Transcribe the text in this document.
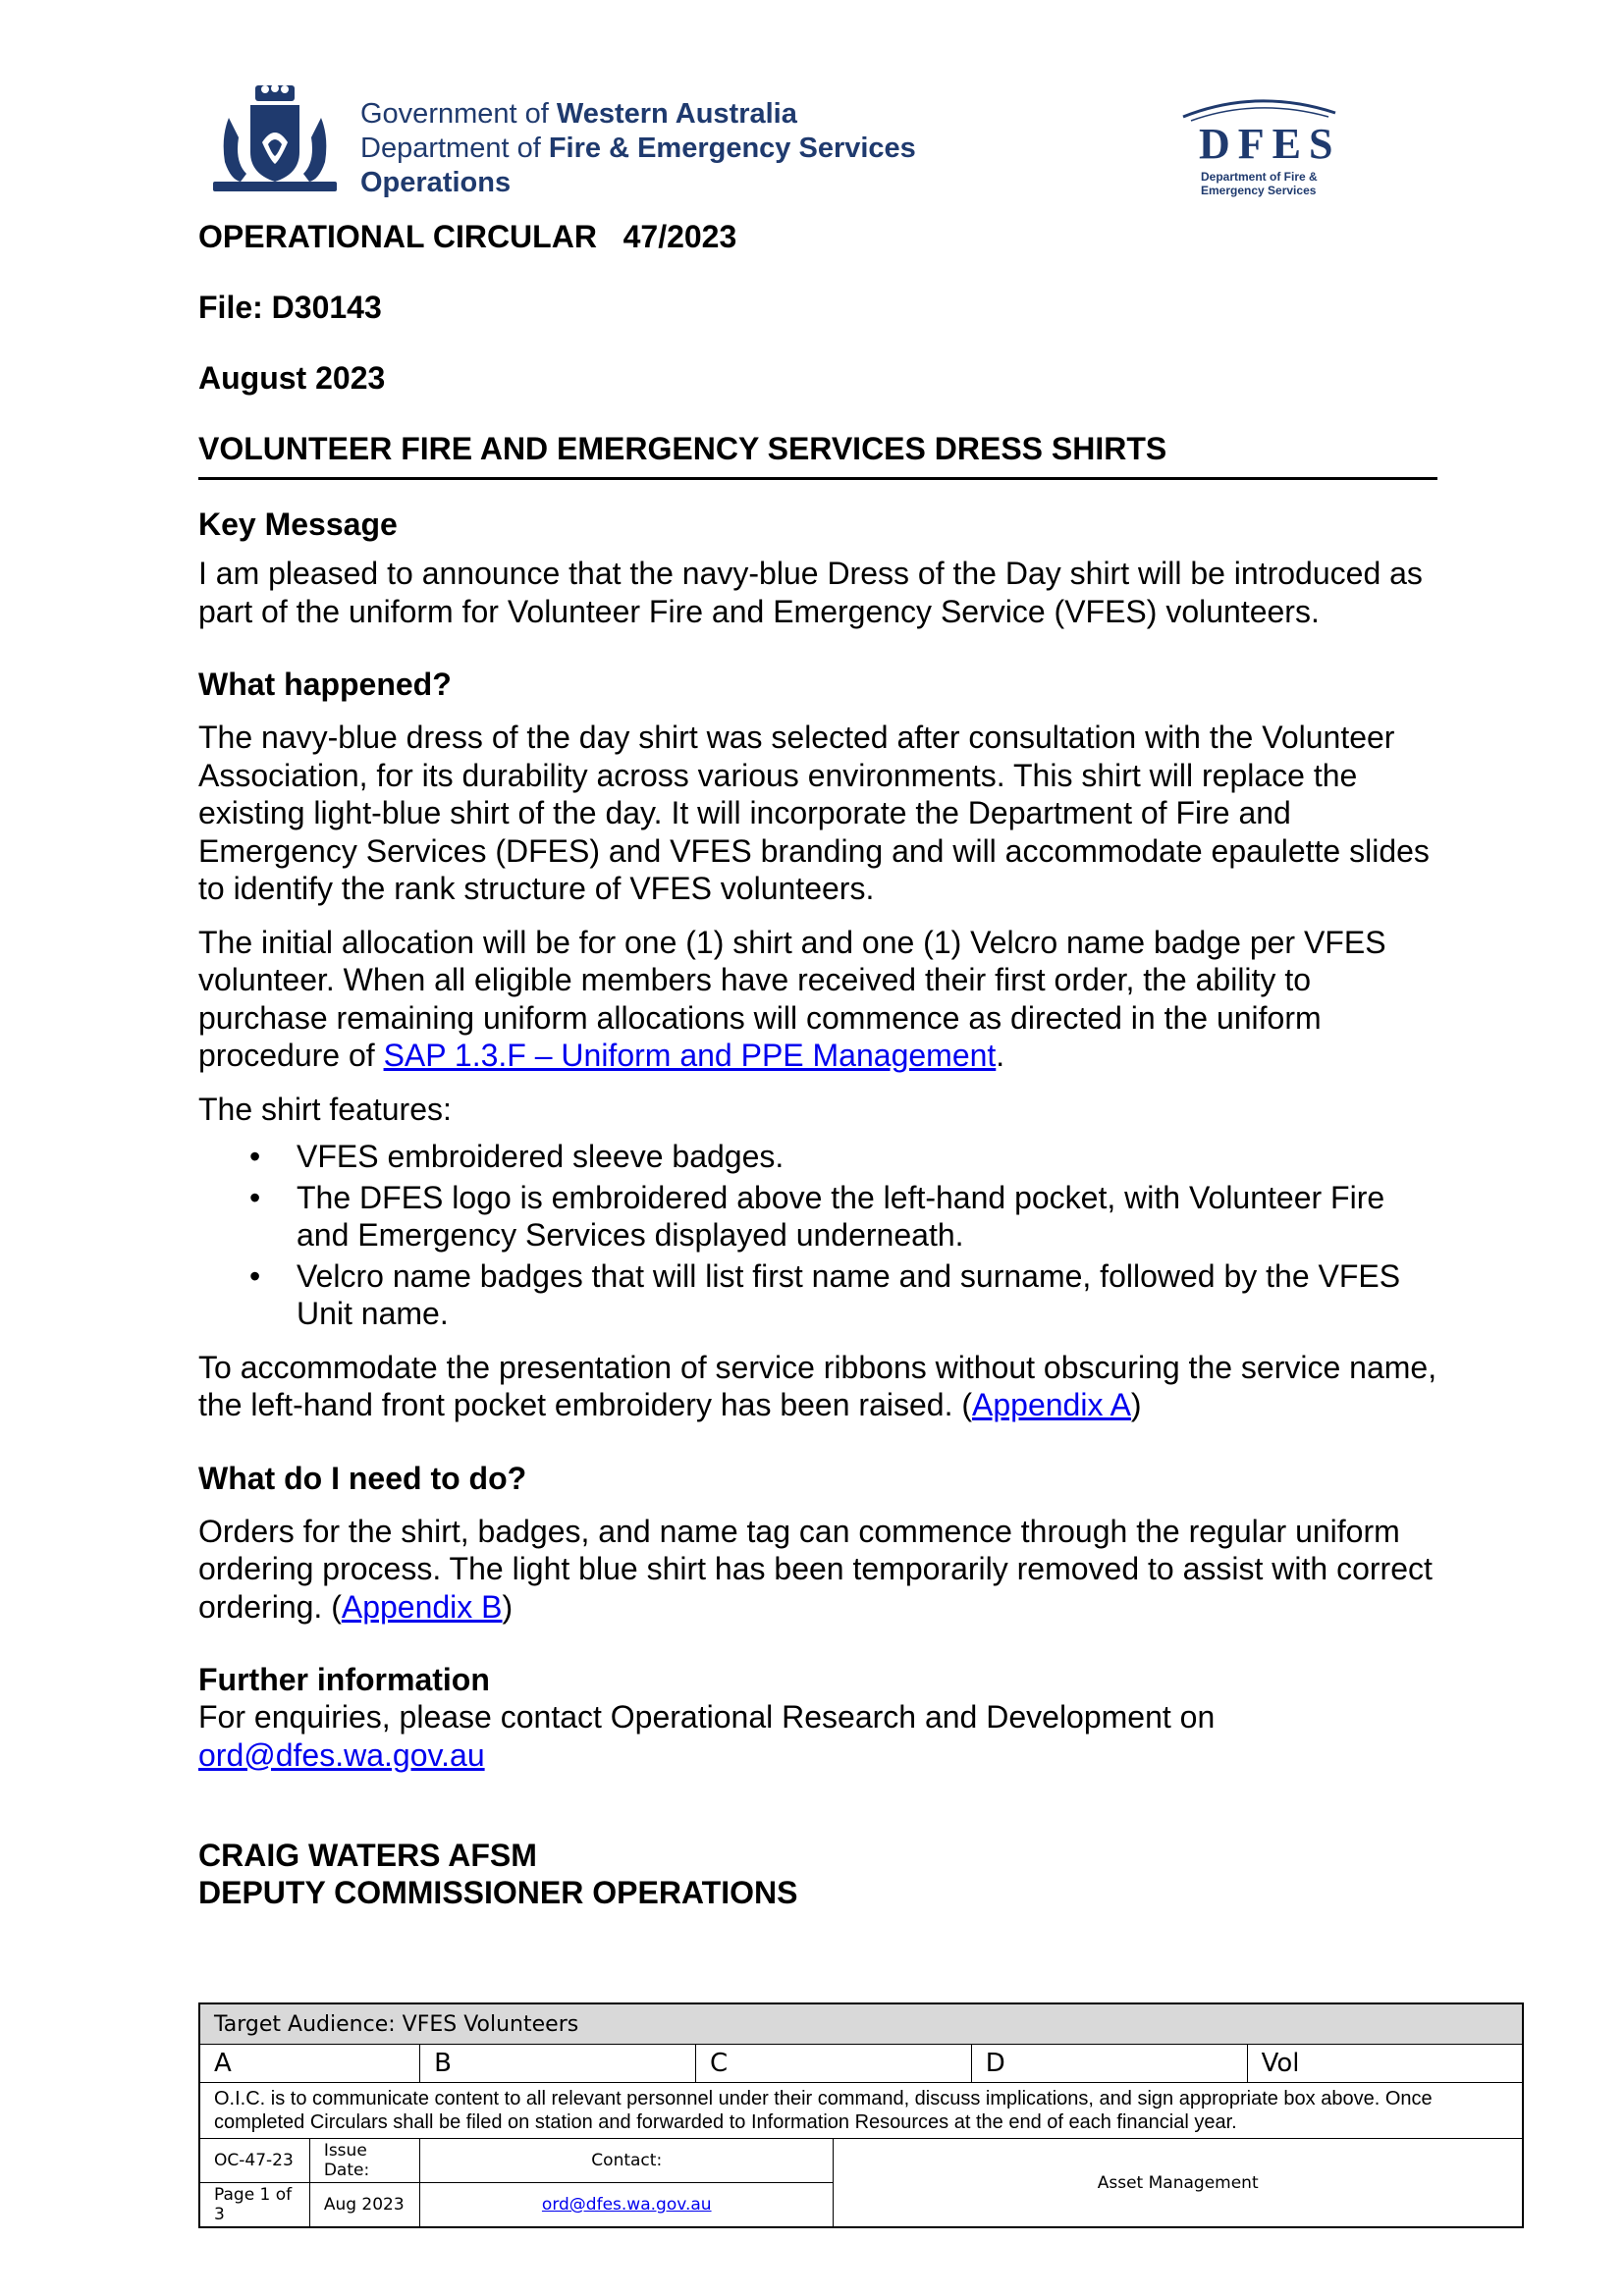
Government of Western Australia
Department of Fire & Emergency Services
Operations
DFES
Department of Fire &
Emergency Services
OPERATIONAL CIRCULAR   47/2023
File: D30143
August 2023
VOLUNTEER FIRE AND EMERGENCY SERVICES DRESS SHIRTS
Key Message

I am pleased to announce that the navy-blue Dress of the Day shirt will be introduced as part of the uniform for Volunteer Fire and Emergency Service (VFES) volunteers.

What happened?

The navy-blue dress of the day shirt was selected after consultation with the Volunteer Association, for its durability across various environments. This shirt will replace the existing light-blue shirt of the day. It will incorporate the Department of Fire and Emergency Services (DFES) and VFES branding and will accommodate epaulette slides to identify the rank structure of VFES volunteers.

The initial allocation will be for one (1) shirt and one (1) Velcro name badge per VFES volunteer. When all eligible members have received their first order, the ability to purchase remaining uniform allocations will commence as directed in the uniform procedure of SAP 1.3.F – Uniform and PPE Management.

The shirt features:

• VFES embroidered sleeve badges.
• The DFES logo is embroidered above the left-hand pocket, with Volunteer Fire and Emergency Services displayed underneath.
• Velcro name badges that will list first name and surname, followed by the VFES Unit name.

To accommodate the presentation of service ribbons without obscuring the service name, the left-hand front pocket embroidery has been raised. (Appendix A)

What do I need to do?

Orders for the shirt, badges, and name tag can commence through the regular uniform ordering process. The light blue shirt has been temporarily removed to assist with correct ordering. (Appendix B)

Further information

For enquiries, please contact Operational Research and Development on
ord@dfes.wa.gov.au

CRAIG WATERS AFSM
DEPUTY COMMISSIONER OPERATIONS
Target Audience: VFES Volunteers						
A		B	C		D	Vol
O.I.C. is to communicate content to all relevant personnel under their command, discuss implications, and sign appropriate box above. Once completed Circulars shall be filed on station and forwarded to Information Resources at the end of each financial year.						
OC-47-23	Issue Date:	Contact:		Asset Management		
Page 1 of 3	Aug 2023	ord@dfes.wa.gov.au				
